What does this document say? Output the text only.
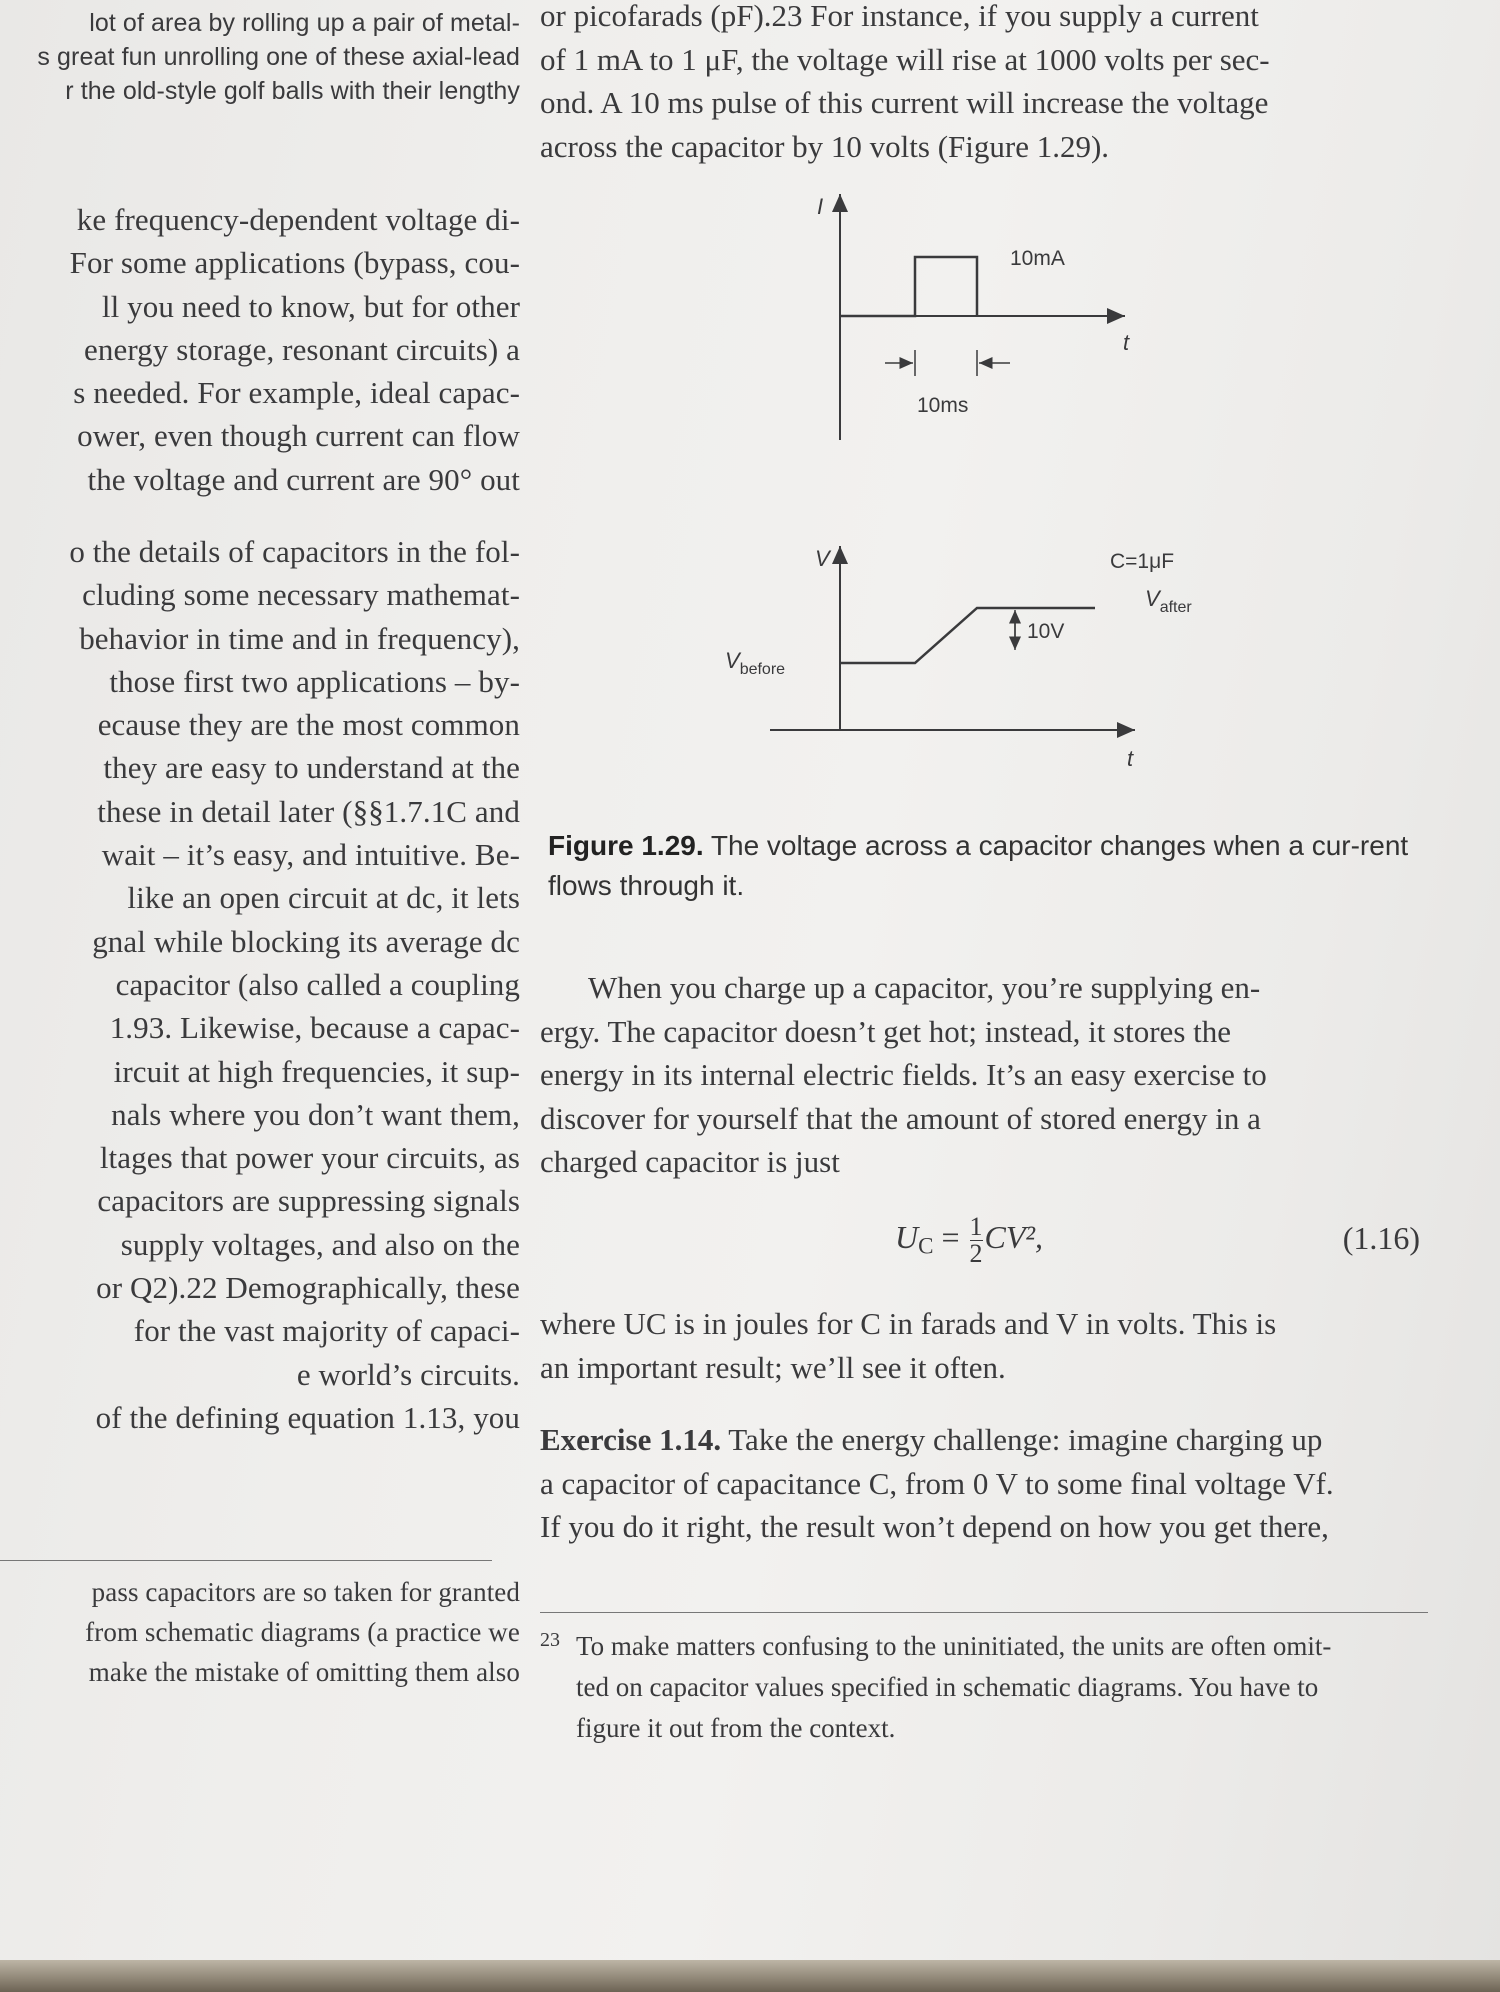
lot of area by rolling up a pair of metal-
s great fun unrolling one of these axial-lead
r the old-style golf balls with their lengthy
ke frequency-dependent voltage di-
For some applications (bypass, cou-
ll you need to know, but for other
energy storage, resonant circuits) a
s needed. For example, ideal capac-
ower, even though current can flow
the voltage and current are 90° out
o the details of capacitors in the fol-
cluding some necessary mathemat-
behavior in time and in frequency),
those first two applications – by-
ecause they are the most common
they are easy to understand at the
these in detail later (§§1.7.1C and
wait – it’s easy, and intuitive. Be-
like an open circuit at dc, it lets
gnal while blocking its average dc
capacitor (also called a coupling
1.93. Likewise, because a capac-
ircuit at high frequencies, it sup-
nals where you don’t want them,
ltages that power your circuits, as
capacitors are suppressing signals
supply voltages, and also on the
or Q2).22 Demographically, these
for the vast majority of capaci-
e world’s circuits.
of the defining equation 1.13, you
pass capacitors are so taken for granted
from schematic diagrams (a practice we
make the mistake of omitting them also
or picofarads (pF).23 For instance, if you supply a current
of 1 mA to 1 μF, the voltage will rise at 1000 volts per sec-
ond. A 10 ms pulse of this current will increase the voltage
across the capacitor by 10 volts (Figure 1.29).
I
10mA
t
10ms
V	C=1μF
$V_{after}$
$V_{before}$
10V
t
Figure 1.29. The voltage across a capacitor changes when a cur-rent flows through it.
When you charge up a capacitor, you’re supplying en-
ergy. The capacitor doesn’t get hot; instead, it stores the
energy in its internal electric fields. It’s an easy exercise to
discover for yourself that the amount of stored energy in a
charged capacitor is just
$U_C = \frac{1}{2} CV^2$,	(1.16)
where UC is in joules for C in farads and V in volts. This is
an important result; we’ll see it often.
Exercise 1.14. Take the energy challenge: imagine charging up
a capacitor of capacitance C, from 0 V to some final voltage Vf.
If you do it right, the result won’t depend on how you get there,
23 To make matters confusing to the uninitiated, the units are often omit-
ted on capacitor values specified in schematic diagrams. You have to
figure it out from the context.
